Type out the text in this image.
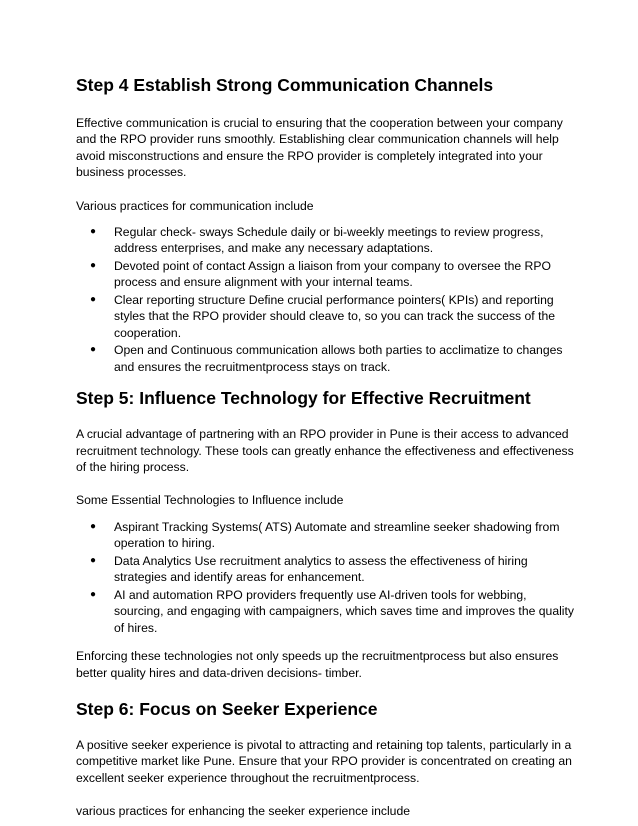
Step 4 Establish Strong Communication Channels

Effective communication is crucial to ensuring that the cooperation between your company and the RPO provider runs smoothly. Establishing clear communication channels will help avoid misconstructions and ensure the RPO provider is completely integrated into your business processes.

Various practices for communication include

● Regular check- sways Schedule daily or bi-weekly meetings to review progress, address enterprises, and make any necessary adaptations.
● Devoted point of contact Assign a liaison from your company to oversee the RPO process and ensure alignment with your internal teams.
● Clear reporting structure Define crucial performance pointers( KPIs) and reporting styles that the RPO provider should cleave to, so you can track the success of the cooperation.
● Open and Continuous communication allows both parties to acclimatize to changes and ensures the recruitmentprocess stays on track.
Step 5: Influence Technology for Effective Recruitment

A crucial advantage of partnering with an RPO provider in Pune is their access to advanced recruitment technology. These tools can greatly enhance the effectiveness and effectiveness of the hiring process.

Some Essential Technologies to Influence include

● Aspirant Tracking Systems( ATS) Automate and streamline seeker shadowing from operation to hiring.
● Data Analytics Use recruitment analytics to assess the effectiveness of hiring strategies and identify areas for enhancement.
● AI and automation RPO providers frequently use AI-driven tools for webbing, sourcing, and engaging with campaigners, which saves time and improves the quality of hires.

Enforcing these technologies not only speeds up the recruitmentprocess but also ensures better quality hires and data-driven decisions- timber.

Step 6: Focus on Seeker Experience

A positive seeker experience is pivotal to attracting and retaining top talents, particularly in a competitive market like Pune. Ensure that your RPO provider is concentrated on creating an excellent seeker experience throughout the recruitmentprocess.

various practices for enhancing the seeker experience include
